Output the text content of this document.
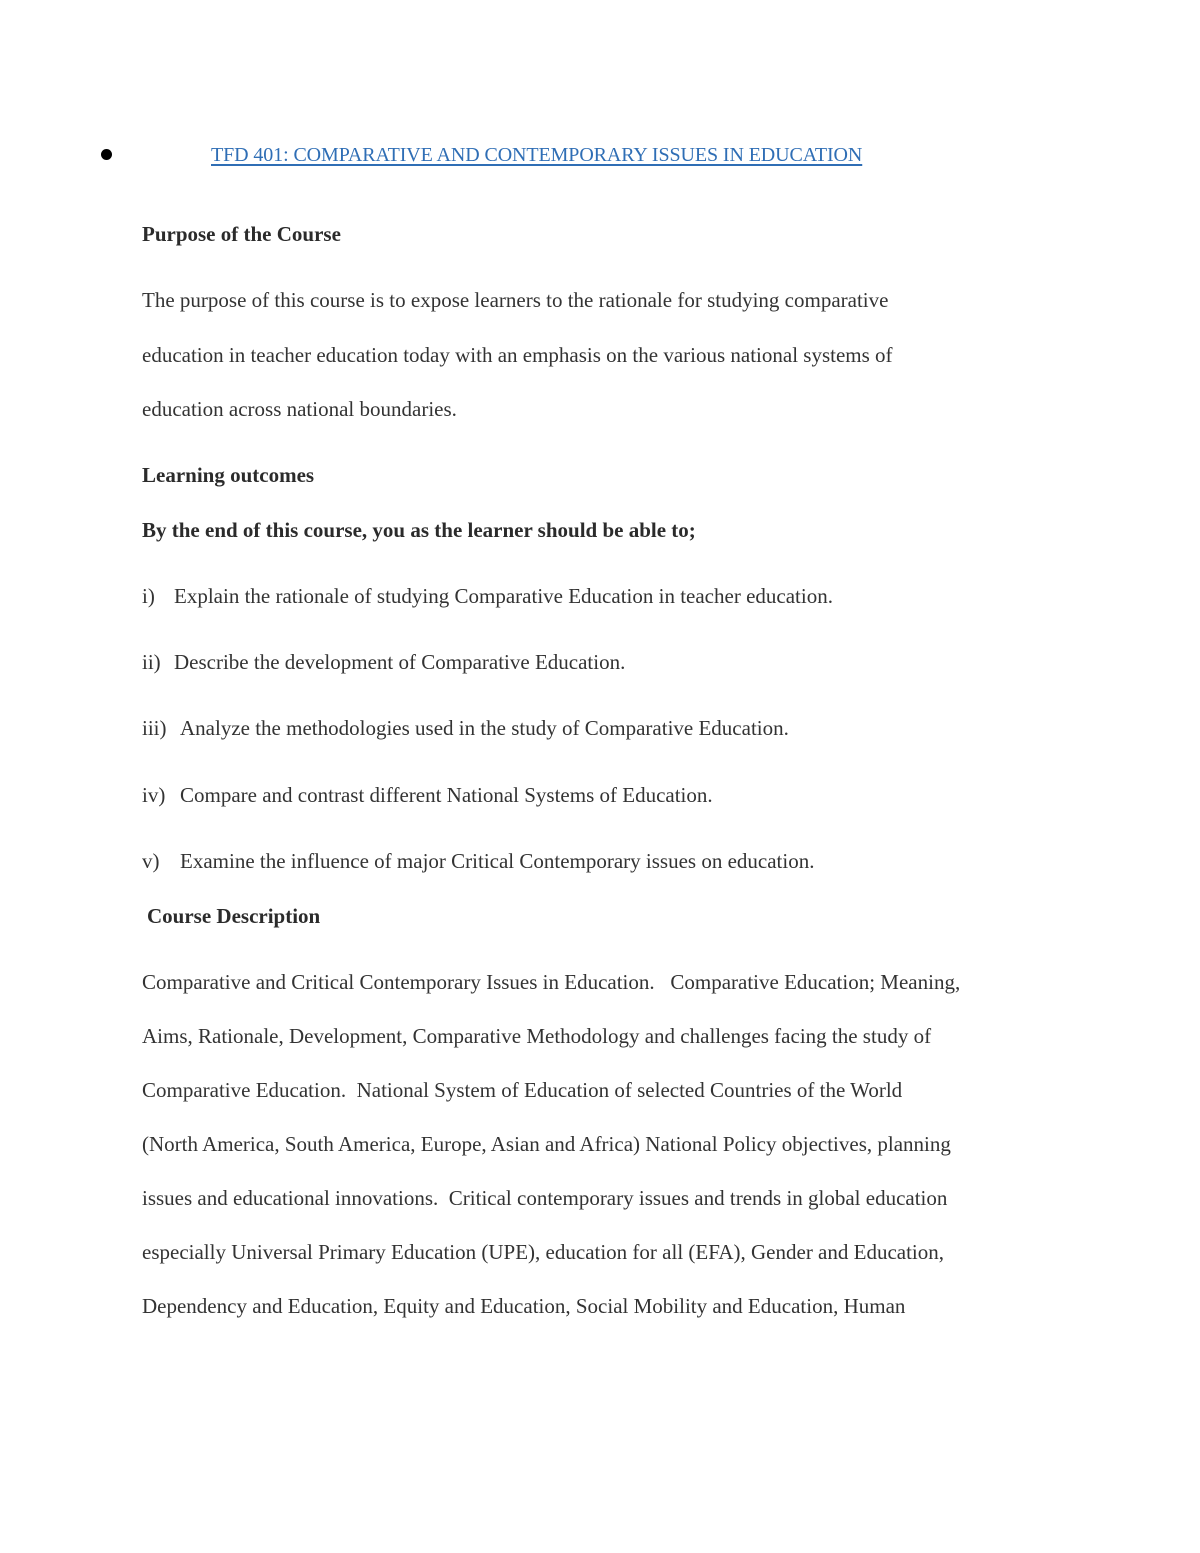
TFD 401: COMPARATIVE AND CONTEMPORARY ISSUES IN EDUCATION
Purpose of the Course
The purpose of this course is to expose learners to the rationale for studying comparative
education in teacher education today with an emphasis on the various national systems of
education across national boundaries.
Learning outcomes
By the end of this course, you as the learner should be able to;
i) Explain the rationale of studying Comparative Education in teacher education.
ii) Describe the development of Comparative Education.
iii) Analyze the methodologies used in the study of Comparative Education.
iv) Compare and contrast different National Systems of Education.
v) Examine the influence of major Critical Contemporary issues on education.
Course Description
Comparative and Critical Contemporary Issues in Education.   Comparative Education; Meaning,
Aims, Rationale, Development, Comparative Methodology and challenges facing the study of
Comparative Education.  National System of Education of selected Countries of the World
(North America, South America, Europe, Asian and Africa) National Policy objectives, planning
issues and educational innovations.  Critical contemporary issues and trends in global education
especially Universal Primary Education (UPE), education for all (EFA), Gender and Education,
Dependency and Education, Equity and Education, Social Mobility and Education, Human
